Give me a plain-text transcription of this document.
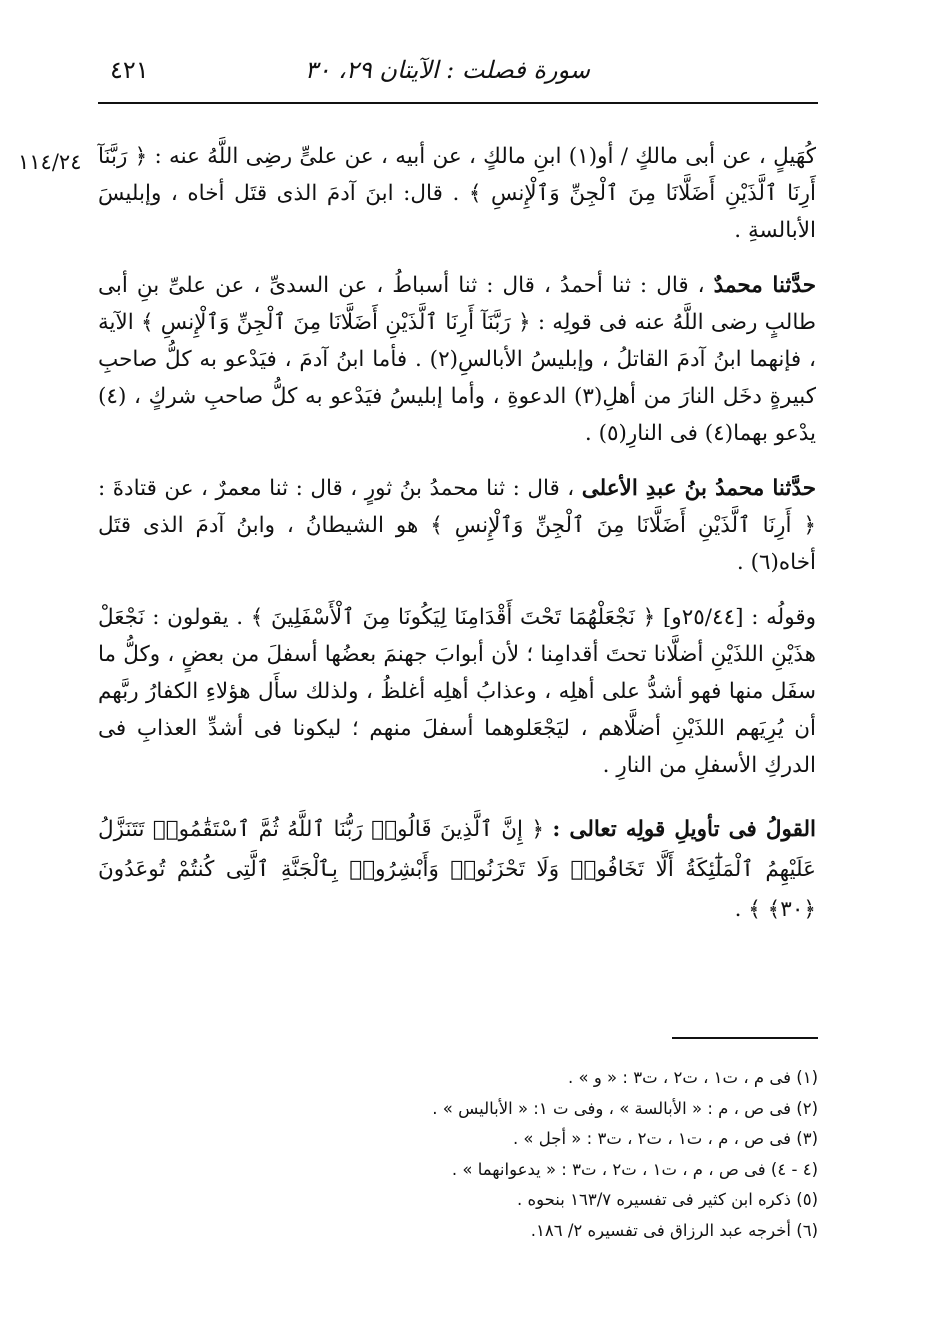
٤٢١	سورة فصلت : الآيتان ٢٩، ٣٠
١١٤/٢٤ كُهَيلٍ ، عن أبى مالكٍ / أو(١) ابنِ مالكٍ ، عن أبيه ، عن علىٍّ رضِى اللَّهُ عنه : ﴿ رَبَّنَآ أَرِنَا ٱلَّذَيْنِ أَضَلَّانَا مِنَ ٱلْجِنِّ وَٱلْإِنسِ ﴾ . قال: ابنَ آدمَ الذى قتَل أخاه ، وإبليسَ الأبالسةِ .

حدَّثنا محمدٌ ، قال : ثنا أحمدُ ، قال : ثنا أسباطُ ، عن السدىِّ ، عن علىِّ بنِ أبى طالبٍ رضى اللَّهُ عنه فى قولِه : ﴿ رَبَّنَآ أَرِنَا ٱلَّذَيْنِ أَضَلَّانَا مِنَ ٱلْجِنِّ وَٱلْإِنسِ ﴾ الآية ، فإنهما ابنُ آدمَ القاتلُ ، وإبليسُ الأبالسِ(٢) . فأما ابنُ آدمَ ، فيَدْعو به كلُّ صاحبِ كبيرةٍ دخَل النارَ من أهلِ(٣) الدعوةِ ، وأما إبليسُ فيَدْعو به كلُّ صاحبِ شركٍ ، (٤) يدْعو بهما(٤) فى النارِ(٥) .

حدَّثنا محمدُ بنُ عبدِ الأعلى ، قال : ثنا محمدُ بنُ ثورٍ ، قال : ثنا معمرٌ ، عن قتادةَ : ﴿ أَرِنَا ٱلَّذَيْنِ أَضَلَّانَا مِنَ ٱلْجِنِّ وَٱلْإِنسِ ﴾ هو الشيطانُ ، وابنُ آدمَ الذى قتَل أخاه(٦) .

وقولُه : [٢٥/٤٤و] ﴿ نَجْعَلْهُمَا تَحْتَ أَقْدَامِنَا لِيَكُونَا مِنَ ٱلْأَسْفَلِينَ ﴾ . يقولون : نَجْعَلْ هذَيْنِ اللذَيْنِ أضلَّانا تحتَ أقدامِنا ؛ لأن أبوابَ جهنمَ بعضُها أسفلَ من بعضٍ ، وكلُّ ما سفَل منها فهو أشدُّ على أهلِه ، وعذابُ أهلِه أغلظُ ، ولذلك سأَل هؤلاءِ الكفارُ ربَّهم أن يُرِيَهم اللذَيْنِ أضلَّاهم ، ليَجْعَلوهما أسفلَ منهم ؛ ليكونا فى أشدِّ العذابِ فى الدركِ الأسفلِ من النارِ .

القولُ فى تأويلِ قولِه تعالى : ﴿ إِنَّ ٱلَّذِينَ قَالُوا۟ رَبُّنَا ٱللَّهُ ثُمَّ ٱسْتَقَٰمُوا۟ تَتَنَزَّلُ عَلَيْهِمُ ٱلْمَلَٰٓئِكَةُ أَلَّا تَخَافُوا۟ وَلَا تَحْزَنُوا۟ وَأَبْشِرُوا۟ بِٱلْجَنَّةِ ٱلَّتِى كُنتُمْ تُوعَدُونَ ﴿٣٠﴾ ﴾ .

(١) فى م ، ت١ ، ت٢ ، ت٣ : « و » .
(٢) فى ص ، م : « الأبالسة » ، وفى ت ١: « الأباليس » .
(٣) فى ص ، م ، ت١ ، ت٢ ، ت٣ : « أجل » .
(٤ - ٤) فى ص ، م ، ت١ ، ت٢ ، ت٣ : « يدعوانهما » .
(٥) ذكره ابن كثير فى تفسيره ١٦٣/٧ بنحوه .
(٦) أخرجه عبد الرزاق فى تفسيره ٢/ ١٨٦.
